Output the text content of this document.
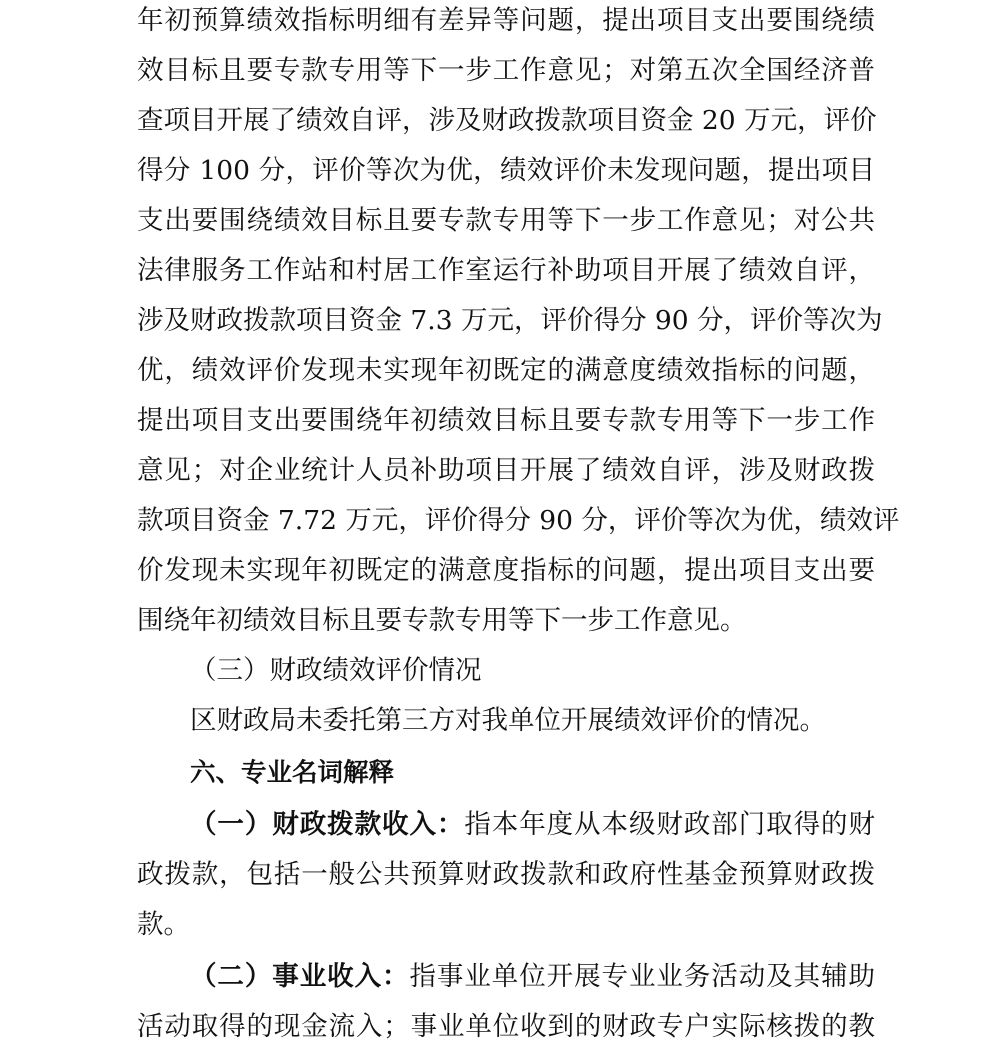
年初预算绩效指标明细有差异等问题，提出项目支出要围绕绩
效目标且要专款专用等下一步工作意见；对第五次全国经济普
查项目开展了绩效自评，涉及财政拨款项目资金 20 万元，评价
得分 100 分，评价等次为优，绩效评价未发现问题，提出项目
支出要围绕绩效目标且要专款专用等下一步工作意见；对公共
法律服务工作站和村居工作室运行补助项目开展了绩效自评，
涉及财政拨款项目资金 7.3 万元，评价得分 90 分，评价等次为
优，绩效评价发现未实现年初既定的满意度绩效指标的问题，
提出项目支出要围绕年初绩效目标且要专款专用等下一步工作
意见；对企业统计人员补助项目开展了绩效自评，涉及财政拨
款项目资金 7.72 万元，评价得分 90 分，评价等次为优，绩效评
价发现未实现年初既定的满意度指标的问题，提出项目支出要
围绕年初绩效目标且要专款专用等下一步工作意见。
（三）财政绩效评价情况
区财政局未委托第三方对我单位开展绩效评价的情况。
六、专业名词解释
（一）财政拨款收入：指本年度从本级财政部门取得的财
政拨款，包括一般公共预算财政拨款和政府性基金预算财政拨
款。
（二）事业收入：指事业单位开展专业业务活动及其辅助
活动取得的现金流入；事业单位收到的财政专户实际核拨的教
